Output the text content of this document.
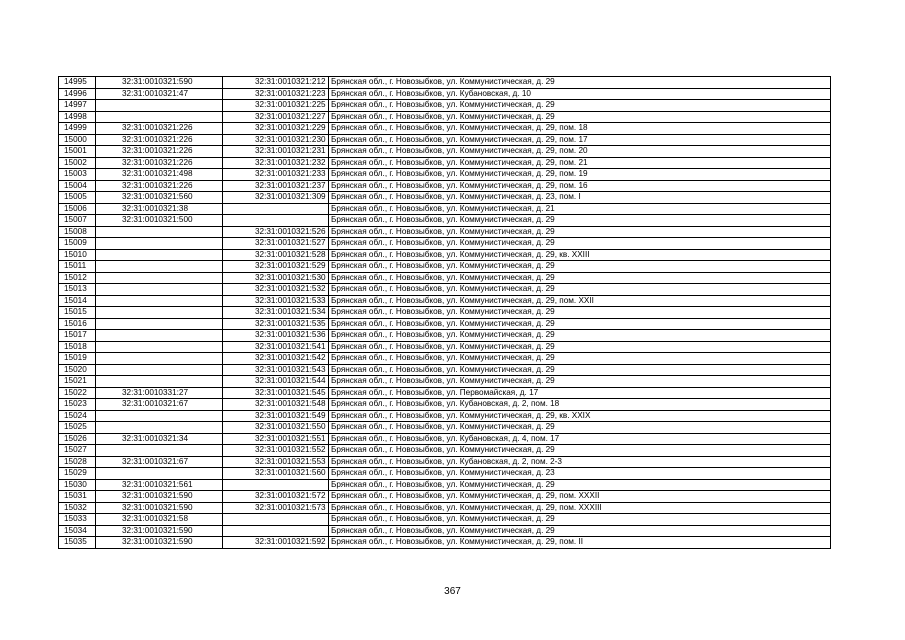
14995	32:31:0010321:590	32:31:0010321:212	Брянская обл., г. Новозыбков, ул. Коммунистическая, д. 29
14996	32:31:0010321:47	32:31:0010321:223	Брянская обл., г. Новозыбков, ул. Кубановская, д. 10
14997		32:31:0010321:225	Брянская обл., г. Новозыбков, ул. Коммунистическая, д. 29
14998		32:31:0010321:227	Брянская обл., г. Новозыбков, ул. Коммунистическая, д. 29
14999	32:31:0010321:226	32:31:0010321:229	Брянская обл., г. Новозыбков, ул. Коммунистическая, д. 29, пом. 18
15000	32:31:0010321:226	32:31:0010321:230	Брянская обл., г. Новозыбков, ул. Коммунистическая, д. 29, пом. 17
15001	32:31:0010321:226	32:31:0010321:231	Брянская обл., г. Новозыбков, ул. Коммунистическая, д. 29, пом. 20
15002	32:31:0010321:226	32:31:0010321:232	Брянская обл., г. Новозыбков, ул. Коммунистическая, д. 29, пом. 21
15003	32:31:0010321:498	32:31:0010321:233	Брянская обл., г. Новозыбков, ул. Коммунистическая, д. 29, пом. 19
15004	32:31:0010321:226	32:31:0010321:237	Брянская обл., г. Новозыбков, ул. Коммунистическая, д. 29, пом. 16
15005	32:31:0010321:560	32:31:0010321:309	Брянская обл., г. Новозыбков, ул. Коммунистическая, д. 23, пом. I
15006	32:31:0010321:38		Брянская обл., г. Новозыбков, ул. Коммунистическая, д. 21
15007	32:31:0010321:500		Брянская обл., г. Новозыбков, ул. Коммунистическая, д. 29
15008		32:31:0010321:526	Брянская обл., г. Новозыбков, ул. Коммунистическая, д. 29
15009		32:31:0010321:527	Брянская обл., г. Новозыбков, ул. Коммунистическая, д. 29
15010		32:31:0010321:528	Брянская обл., г. Новозыбков, ул. Коммунистическая, д. 29, кв. XXIII
15011		32:31:0010321:529	Брянская обл., г. Новозыбков, ул. Коммунистическая, д. 29
15012		32:31:0010321:530	Брянская обл., г. Новозыбков, ул. Коммунистическая, д. 29
15013		32:31:0010321:532	Брянская обл., г. Новозыбков, ул. Коммунистическая, д. 29
15014		32:31:0010321:533	Брянская обл., г. Новозыбков, ул. Коммунистическая, д. 29, пом. XXII
15015		32:31:0010321:534	Брянская обл., г. Новозыбков, ул. Коммунистическая, д. 29
15016		32:31:0010321:535	Брянская обл., г. Новозыбков, ул. Коммунистическая, д. 29
15017		32:31:0010321:536	Брянская обл., г. Новозыбков, ул. Коммунистическая, д. 29
15018		32:31:0010321:541	Брянская обл., г. Новозыбков, ул. Коммунистическая, д. 29
15019		32:31:0010321:542	Брянская обл., г. Новозыбков, ул. Коммунистическая, д. 29
15020		32:31:0010321:543	Брянская обл., г. Новозыбков, ул. Коммунистическая, д. 29
15021		32:31:0010321:544	Брянская обл., г. Новозыбков, ул. Коммунистическая, д. 29
15022	32:31:0010331:27	32:31:0010321:545	Брянская обл., г. Новозыбков, ул. Первомайская, д. 17
15023	32:31:0010321:67	32:31:0010321:548	Брянская обл., г. Новозыбков, ул. Кубановская, д. 2, пом. 18
15024		32:31:0010321:549	Брянская обл., г. Новозыбков, ул. Коммунистическая, д. 29, кв. XXIX
15025		32:31:0010321:550	Брянская обл., г. Новозыбков, ул. Коммунистическая, д. 29
15026	32:31:0010321:34	32:31:0010321:551	Брянская обл., г. Новозыбков, ул. Кубановская, д. 4, пом. 17
15027		32:31:0010321:552	Брянская обл., г. Новозыбков, ул. Коммунистическая, д. 29
15028	32:31:0010321:67	32:31:0010321:553	Брянская обл., г. Новозыбков, ул. Кубановская, д. 2, пом. 2-3
15029		32:31:0010321:560	Брянская обл., г. Новозыбков, ул. Коммунистическая, д. 23
15030	32:31:0010321:561		Брянская обл., г. Новозыбков, ул. Коммунистическая, д. 29
15031	32:31:0010321:590	32:31:0010321:572	Брянская обл., г. Новозыбков, ул. Коммунистическая, д. 29, пом. XXXII
15032	32:31:0010321:590	32:31:0010321:573	Брянская обл., г. Новозыбков, ул. Коммунистическая, д. 29, пом. XXXIII
15033	32:31:0010321:58		Брянская обл., г. Новозыбков, ул. Коммунистическая, д. 29
15034	32:31:0010321:590		Брянская обл., г. Новозыбков, ул. Коммунистическая, д. 29
15035	32:31:0010321:590	32:31:0010321:592	Брянская обл., г. Новозыбков, ул. Коммунистическая, д. 29, пом. II
367
